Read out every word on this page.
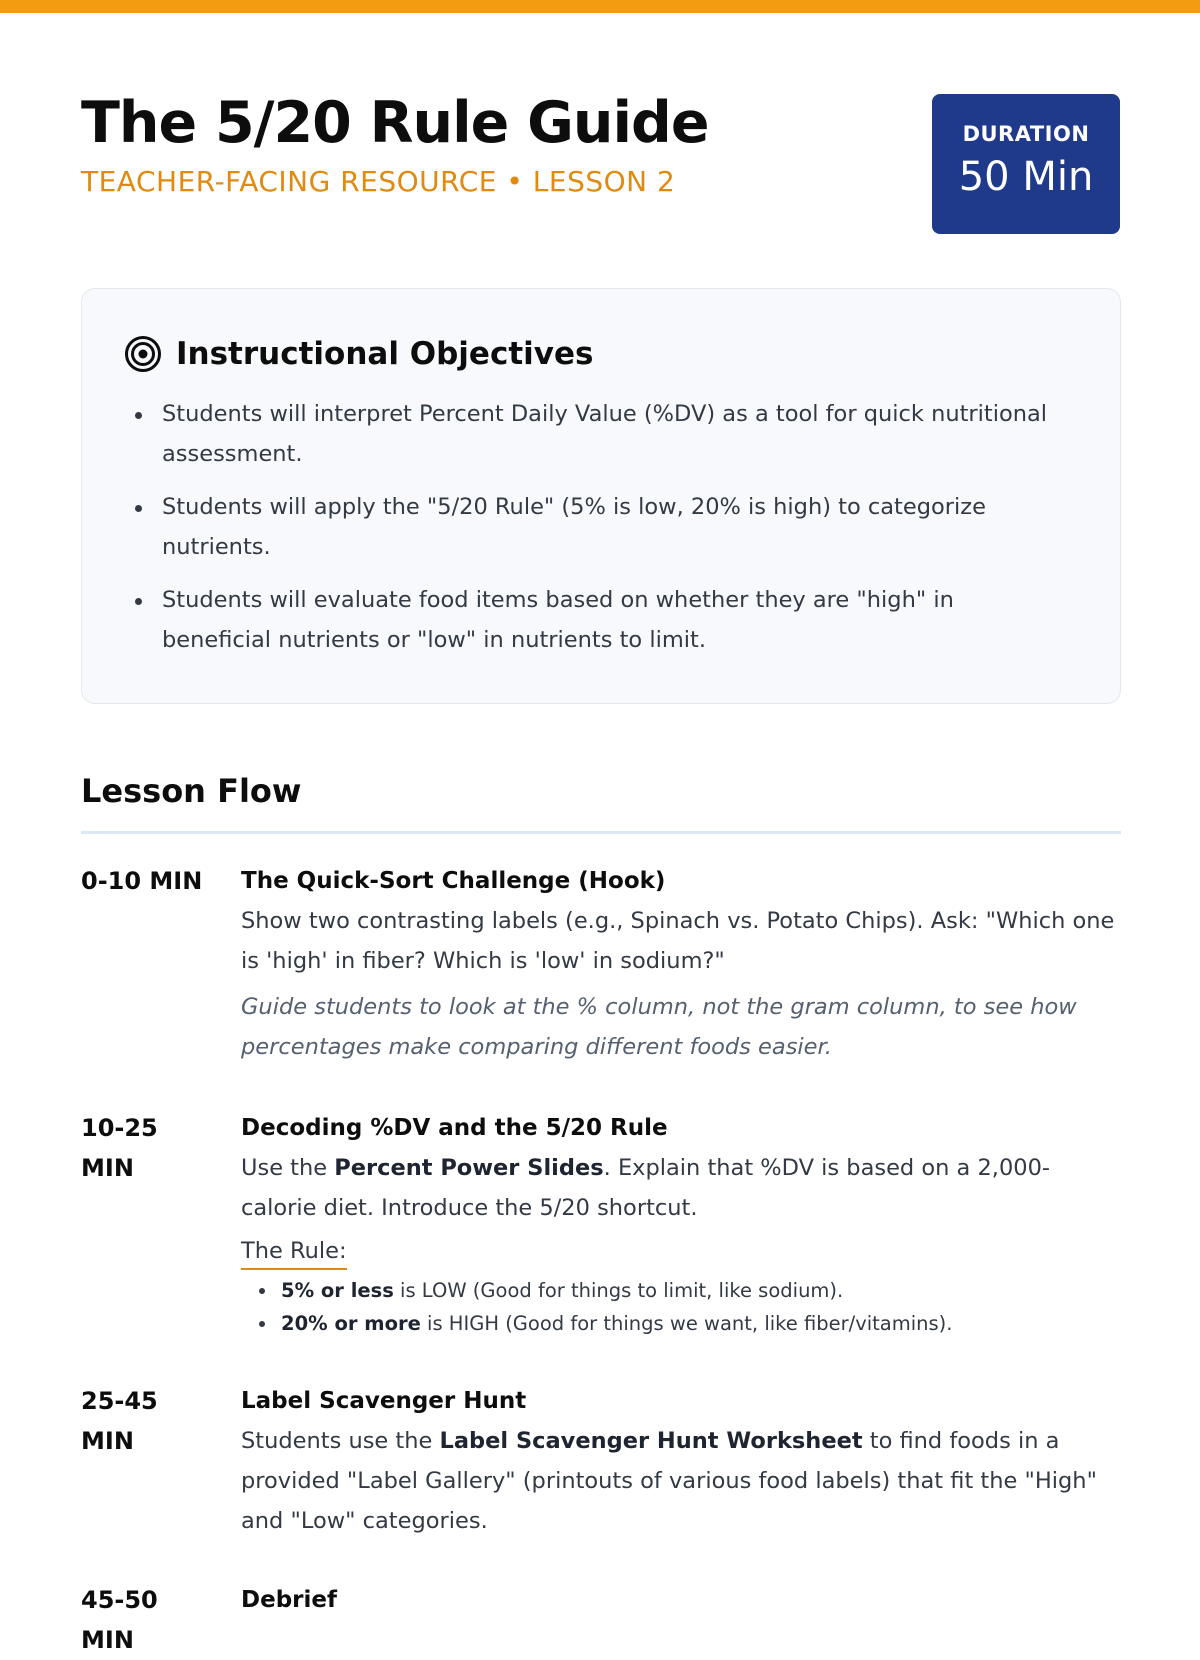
The 5/20 Rule Guide
TEACHER-FACING RESOURCE • LESSON 2
DURATION
50 Min
Instructional Objectives
Students will interpret Percent Daily Value (%DV) as a tool for quick nutritional assessment.
Students will apply the "5/20 Rule" (5% is low, 20% is high) to categorize nutrients.
Students will evaluate food items based on whether they are "high" in beneficial nutrients or "low" in nutrients to limit.
Lesson Flow
0-10 MIN	The Quick-Sort Challenge (Hook)
Show two contrasting labels (e.g., Spinach vs. Potato Chips). Ask: "Which one is 'high' in fiber? Which is 'low' in sodium?"
Guide students to look at the % column, not the gram column, to see how percentages make comparing different foods easier.
10-25 MIN
Decoding %DV and the 5/20 Rule
Use the Percent Power Slides. Explain that %DV is based on a 2,000-calorie diet. Introduce the 5/20 shortcut.
The Rule:
5% or less is LOW (Good for things to limit, like sodium).
20% or more is HIGH (Good for things we want, like fiber/vitamins).
25-45 MIN
Label Scavenger Hunt
Students use the Label Scavenger Hunt Worksheet to find foods in a provided "Label Gallery" (printouts of various food labels) that fit the "High" and "Low" categories.
45-50 MIN
Debrief
